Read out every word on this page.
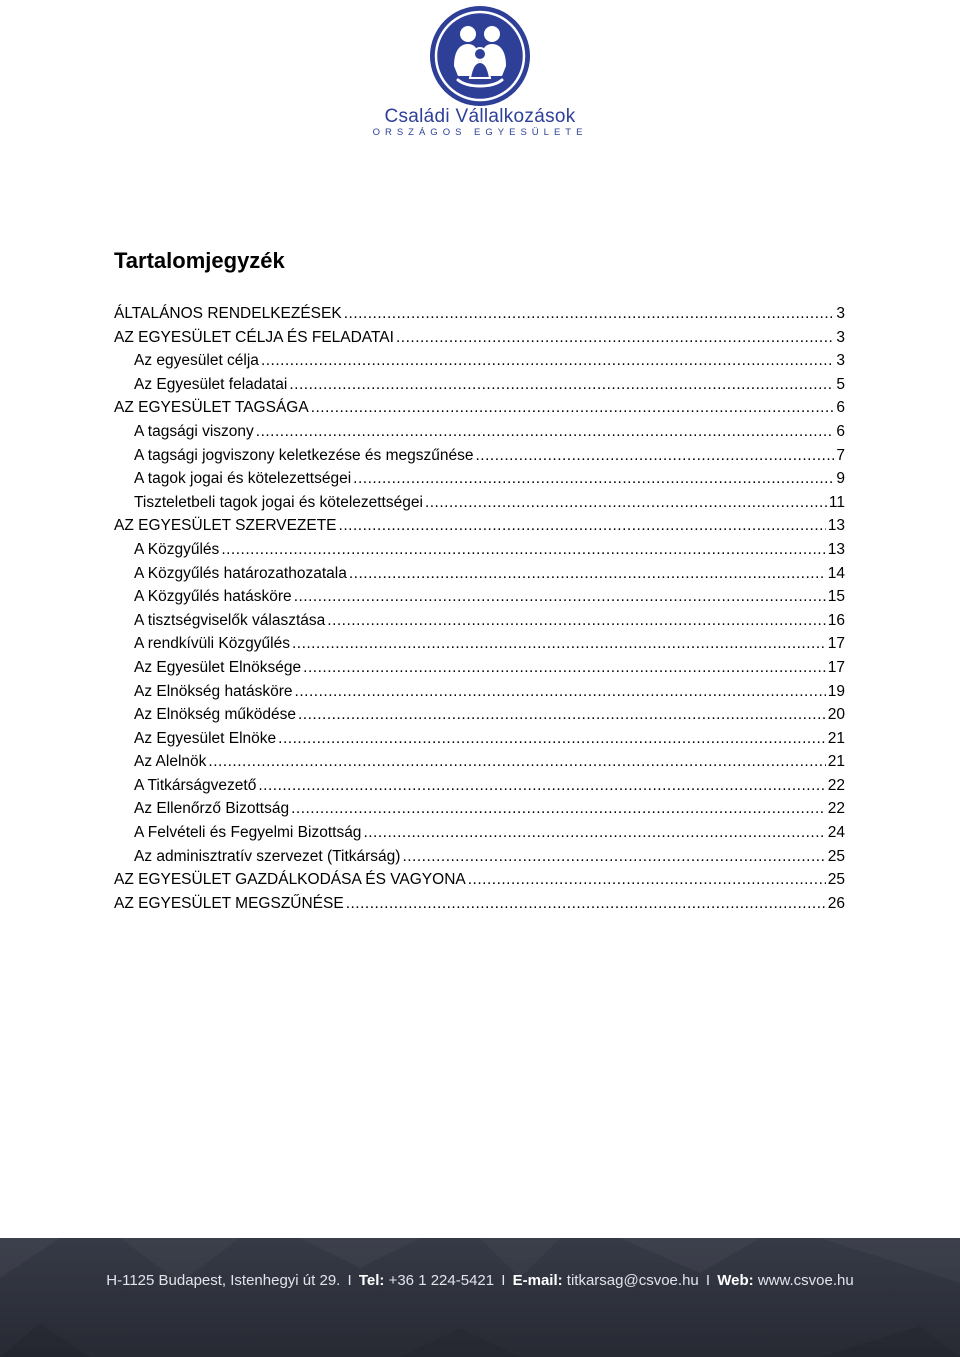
Családi Vállalkozások
ORSZÁGOS EGYESÜLETE
Tartalomjegyzék
ÁLTALÁNOS RENDELKEZÉSEK .....	3
AZ EGYESÜLET CÉLJA ÉS FELADATAI .....	3
Az egyesület célja .....	3
Az Egyesület feladatai .....	5
AZ EGYESÜLET TAGSÁGA .....	6
A tagsági viszony .....	6
A tagsági jogviszony keletkezése és megszűnése .....	7
A tagok jogai és kötelezettségei .....	9
Tiszteletbeli tagok jogai és kötelezettségei .....	11
AZ EGYESÜLET SZERVEZETE .....	13
A Közgyűlés .....	13
A Közgyűlés határozathozatala .....	14
A Közgyűlés hatásköre .....	15
A tisztségviselők választása .....	16
A rendkívüli Közgyűlés .....	17
Az Egyesület Elnöksége .....	17
Az Elnökség hatásköre .....	19
Az Elnökség működése .....	20
Az Egyesület Elnöke .....	21
Az Alelnök .....	21
A Titkárságvezető .....	22
Az Ellenőrző Bizottság .....	22
A Felvételi és Fegyelmi Bizottság .....	24
Az adminisztratív szervezet (Titkárság) .....	25
AZ EGYESÜLET GAZDÁLKODÁSA ÉS VAGYONA .....	25
AZ EGYESÜLET MEGSZŰNÉSE .....	26
H-1125 Budapest, Istenhegyi út 29. I Tel: +36 1 224-5421 I E-mail: titkarsag@csvoe.hu I Web: www.csvoe.hu
